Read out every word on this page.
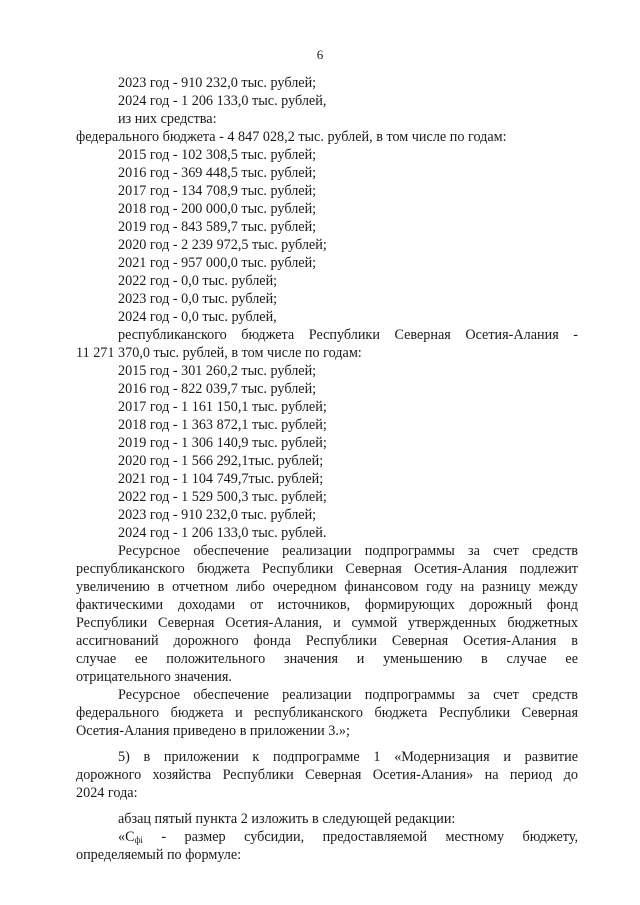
6
2023 год - 910 232,0 тыс. рублей;
2024 год - 1 206 133,0 тыс. рублей,
из них средства:
федерального бюджета - 4 847 028,2 тыс. рублей, в том числе по годам:
2015 год - 102 308,5 тыс. рублей;
2016 год - 369 448,5 тыс. рублей;
2017 год - 134 708,9 тыс. рублей;
2018 год - 200 000,0 тыс. рублей;
2019 год - 843 589,7 тыс. рублей;
2020 год - 2 239 972,5 тыс. рублей;
2021 год - 957 000,0 тыс. рублей;
2022 год - 0,0 тыс. рублей;
2023 год - 0,0 тыс. рублей;
2024 год - 0,0 тыс. рублей,
республиканского бюджета Республики Северная Осетия-Алания -
11 271 370,0 тыс. рублей, в том числе по годам:
2015 год - 301 260,2 тыс. рублей;
2016 год - 822 039,7 тыс. рублей;
2017 год - 1 161 150,1 тыс. рублей;
2018 год - 1 363 872,1 тыс. рублей;
2019 год - 1 306 140,9 тыс. рублей;
2020 год - 1 566 292,1тыс. рублей;
2021 год - 1 104 749,7тыс. рублей;
2022 год - 1 529 500,3 тыс. рублей;
2023 год - 910 232,0 тыс. рублей;
2024 год - 1 206 133,0 тыс. рублей.
Ресурсное обеспечение реализации подпрограммы за счет средств
республиканского бюджета Республики Северная Осетия-Алания подлежит
увеличению в отчетном либо очередном финансовом году на разницу между
фактическими доходами от источников, формирующих дорожный фонд
Республики Северная Осетия-Алания, и суммой утвержденных бюджетных
ассигнований дорожного фонда Республики Северная Осетия-Алания в
случае ее положительного значения и уменьшению в случае ее
отрицательного значения.
Ресурсное обеспечение реализации подпрограммы за счет средств
федерального бюджета и республиканского бюджета Республики Северная
Осетия-Алания приведено в приложении 3.»;
5) в приложении к подпрограмме 1 «Модернизация и развитие
дорожного хозяйства Республики Северная Осетия-Алания» на период до
2024 года:
абзац пятый пункта 2 изложить в следующей редакции:
«$С_{фі}$ - размер субсидии, предоставляемой местному бюджету,
определяемый по формуле:
